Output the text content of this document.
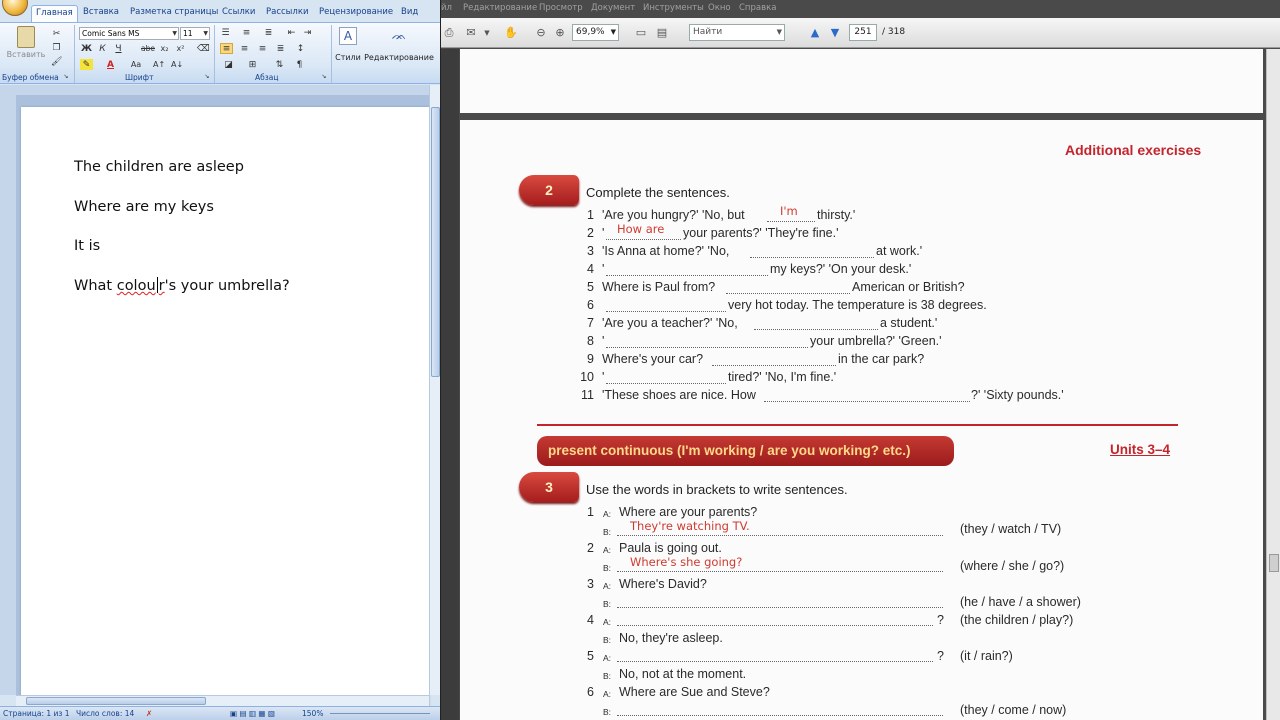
Главная	Вставка Разметка страницы Ссылки Рассылки Рецензирование Вид
Вставить
✂
❐
🖌
Буфер обмена ↘
Comic Sans MS	▼ 11 ▼
Ж К	Ч	abe x₂	x²
✎	A	Aa	A↑ A↓
⌫
Шрифт	↘
☰	≡	≣	⇤ ⇥
≡	≡	≡	≣	↕
◪	⊞	⇅	¶
Абзац	↘
A
Стили
ᨏ
Редактирование
The children are asleep
Where are my keys
It is
What colou r's your umbrella?
Страница: 1 из 1 Число слов: 14 ✗	▣ ▤ ▥ ▦ ▧	150%
йл Редактирование Просмотр Документ Инструменты Окно Справка
⎙	✉	▼	✋	⊖ ⊕	69,9% ▼ ▭ ▤	Найти	▼	▲	▼	251	/ 318
Additional exercises
2	Complete the sentences.
1 'Are you hungry?' 'No, but	I'm thirsty.'
2 ' How are your parents?' 'They're fine.'
3 'Is Anna at home?' 'No,	at work.'
4 '	my keys?' 'On your desk.'
5 Where is Paul from?	American or British?
6	very hot today. The temperature is 38 degrees.
7 'Are you a teacher?' 'No,	a student.'
8 '	your umbrella?' 'Green.'
9 Where's your car?	in the car park?
10 '	tired?' 'No, I'm fine.'
11 'These shoes are nice. How	?' 'Sixty pounds.'
present continuous (I'm working / are you working? etc.)	Units 3–4
3	Use the words in brackets to write sentences.
1 A: Where are your parents?
B: They're watching TV.	(they / watch / TV)
2 A: Paula is going out.
B: Where's she going?	(where / she / go?)
3 A: Where's David?
B:	(he / have / a shower)
4 A:	? (the children / play?)
B: No, they're asleep.
5 A:	? (it / rain?)
B: No, not at the moment.
6 A: Where are Sue and Steve?
B:	(they / come / now)
